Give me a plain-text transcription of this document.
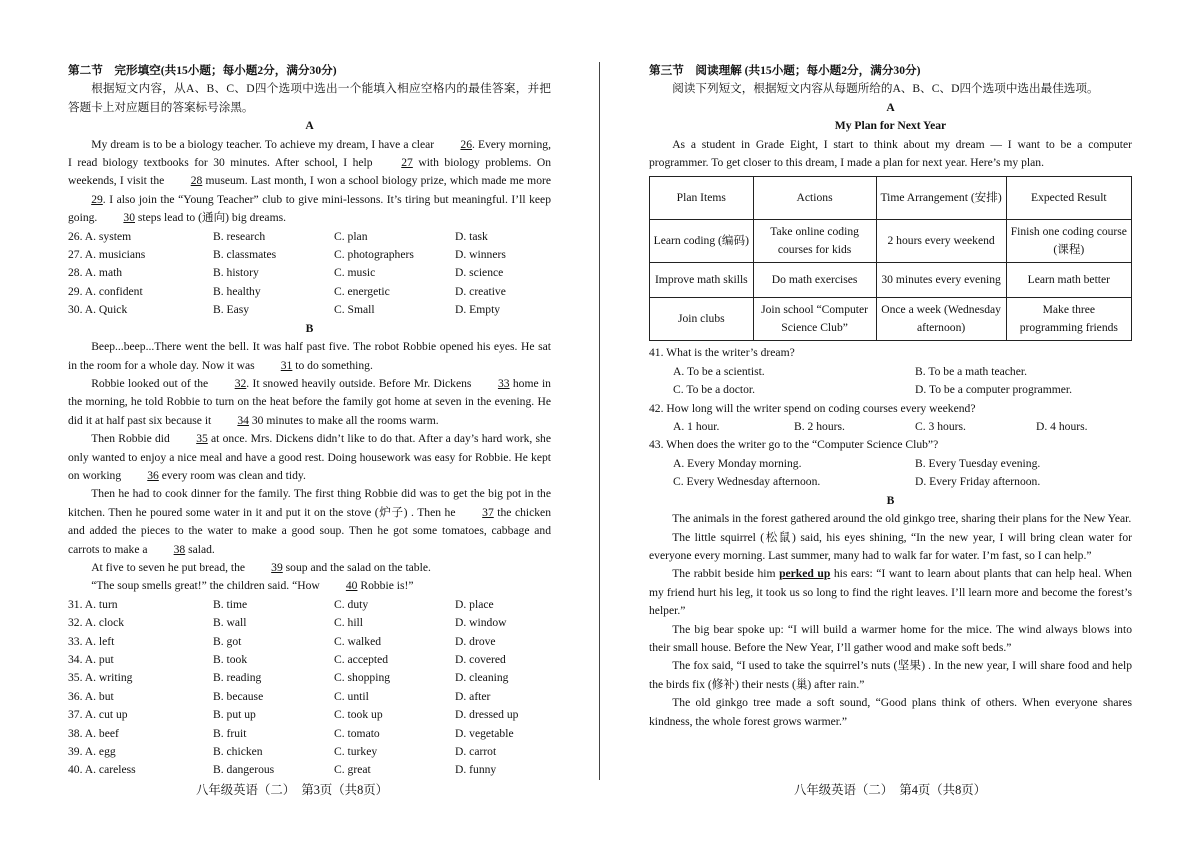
第二节　完形填空(共15小题；每小题2分，满分30分)

根据短文内容，从A、B、C、D四个选项中选出一个能填入相应空格内的最佳答案，并把答题卡上对应题目的答案标号涂黑。

A

My dream is to be a biology teacher. To achieve my dream, I have a clear 26. Every morning, I read biology textbooks for 30 minutes. After school, I help 27 with biology problems. On weekends, I visit the 28 museum. Last month, I won a school biology prize, which made me more 29. I also join the “Young Teacher” club to give mini-lessons. It’s tiring but meaningful. I’ll keep going. 30 steps lead to (通向) big dreams.

26. A. system	B. research	C. plan	D. task
27. A. musicians	B. classmates	C. photographers	D. winners
28. A. math	B. history	C. music	D. science
29. A. confident	B. healthy	C. energetic	D. creative
30. A. Quick	B. Easy	C. Small	D. Empty
B

Beep...beep...There went the bell. It was half past five. The robot Robbie opened his eyes. He sat in the room for a whole day. Now it was 31 to do something.

Robbie looked out of the 32. It snowed heavily outside. Before Mr. Dickens 33 home in the morning, he told Robbie to turn on the heat before the family got home at seven in the evening. He did it at half past six because it 34 30 minutes to make all the rooms warm.

Then Robbie did 35 at once. Mrs. Dickens didn’t like to do that. After a day’s hard work, she only wanted to enjoy a nice meal and have a good rest. Doing housework was easy for Robbie. He kept on working 36 every room was clean and tidy.

Then he had to cook dinner for the family. The first thing Robbie did was to get the big pot in the kitchen. Then he poured some water in it and put it on the stove (炉子) . Then he 37 the chicken and added the pieces to the water to make a good soup. Then he got some tomatoes, cabbage and carrots to make a 38 salad.

At five to seven he put bread, the 39 soup and the salad on the table.

“The soup smells great!” the children said. “How 40 Robbie is!”

31. A. turn	B. time	C. duty	D. place
32. A. clock	B. wall	C. hill	D. window
33. A. left	B. got	C. walked	D. drove
34. A. put	B. took	C. accepted	D. covered
35. A. writing	B. reading	C. shopping	D. cleaning
36. A. but	B. because	C. until	D. after
37. A. cut up	B. put up	C. took up	D. dressed up
38. A. beef	B. fruit	C. tomato	D. vegetable
39. A. egg	B. chicken	C. turkey	D. carrot
40. A. careless	B. dangerous	C. great	D. funny
八年级英语（二）　第3页（共8页）
第三节　阅读理解 (共15小题；每小题2分，满分30分)

阅读下列短文，根据短文内容从每题所给的A、B、C、D四个选项中选出最佳选项。

A
My Plan for Next Year

As a student in Grade Eight, I start to think about my dream — I want to be a computer programmer. To get closer to this dream, I made a plan for next year. Here’s my plan.

Plan Items	Actions	Time Arrangement (安排)	Expected Result
Learn coding (编码)	Take online coding courses for kids	2 hours every weekend	Finish one coding course (课程)
Improve math skills	Do math exercises	30 minutes every evening	Learn math better
Join clubs	Join school “Computer Science Club”	Once a week (Wednesday afternoon)	Make three programming friends
41. What is the writer’s dream?
A. To be a scientist.	B. To be a math teacher.
C. To be a doctor.	D. To be a computer programmer.
42. How long will the writer spend on coding courses every weekend?
A. 1 hour.	B. 2 hours.	C. 3 hours.	D. 4 hours.
43. When does the writer go to the “Computer Science Club”?
A. Every Monday morning.	B. Every Tuesday evening.
C. Every Wednesday afternoon.	D. Every Friday afternoon.
B

The animals in the forest gathered around the old ginkgo tree, sharing their plans for the New Year.

The little squirrel (松鼠) said, his eyes shining, “In the new year, I will bring clean water for everyone every morning. Last summer, many had to walk far for water. I’m fast, so I can help.”

The rabbit beside him perked up his ears: “I want to learn about plants that can help heal. When my friend hurt his leg, it took us so long to find the right leaves. I’ll learn more and become the forest’s helper.”

The big bear spoke up: “I will build a warmer home for the mice. The wind always blows into their small house. Before the New Year, I’ll gather wood and make soft beds.”

The fox said, “I used to take the squirrel’s nuts (坚果) . In the new year, I will share food and help the birds fix (修补) their nests (巢) after rain.”

The old ginkgo tree made a soft sound, “Good plans think of others. When everyone shares kindness, the whole forest grows warmer.”

八年级英语（二）　第4页（共8页）
